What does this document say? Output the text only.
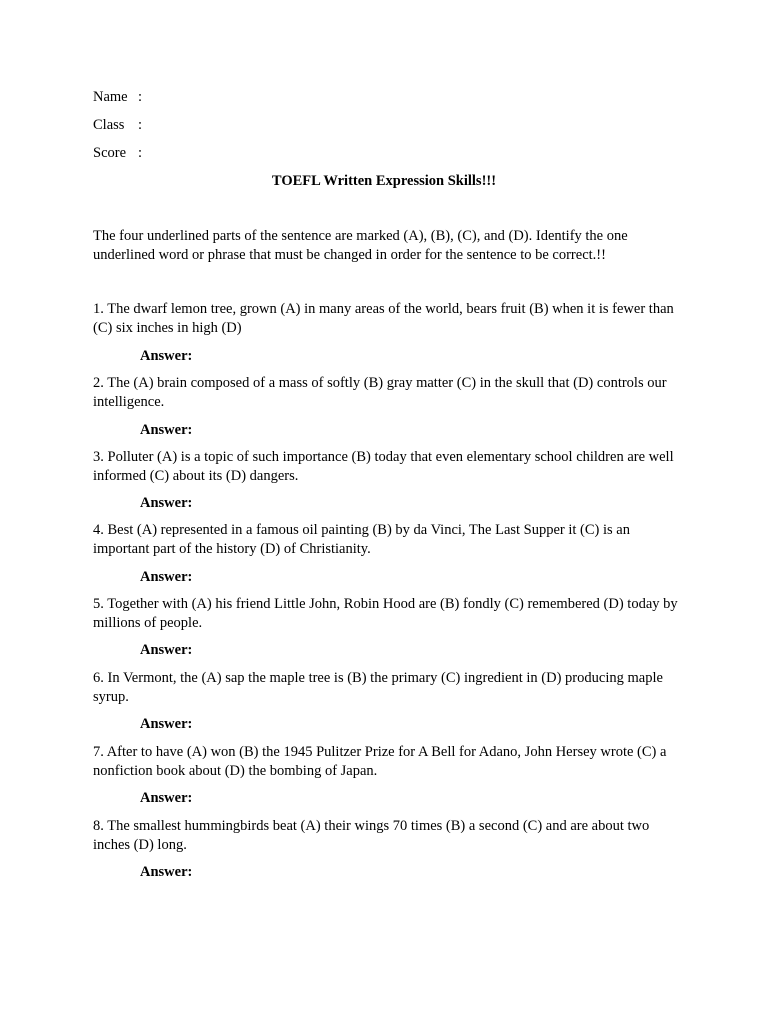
Name :
Class :
Score :
TOEFL Written Expression Skills!!!
The four underlined parts of the sentence are marked (A), (B), (C), and (D). Identify the one underlined word or phrase that must be changed in order for the sentence to be correct.!!
1. The dwarf lemon tree, grown (A) in many areas of the world, bears fruit (B) when it is fewer than (C) six inches in high (D)
Answer:
2. The (A) brain composed of a mass of softly (B) gray matter (C) in the skull that (D) controls our intelligence.
Answer:
3. Polluter (A) is a topic of such importance (B) today that even elementary school children are well informed (C) about its (D) dangers.
Answer:
4. Best (A) represented in a famous oil painting (B) by da Vinci, The Last Supper it (C) is an important part of the history (D) of Christianity.
Answer:
5. Together with (A) his friend Little John, Robin Hood are (B) fondly (C) remembered (D) today by millions of people.
Answer:
6. In Vermont, the (A) sap the maple tree is (B) the primary (C) ingredient in (D) producing maple syrup.
Answer:
7. After to have (A) won (B) the 1945 Pulitzer Prize for A Bell for Adano, John Hersey wrote (C) a nonfiction book about (D) the bombing of Japan.
Answer:
8. The smallest hummingbirds beat (A) their wings 70 times (B) a second (C) and are about two inches (D) long.
Answer:
